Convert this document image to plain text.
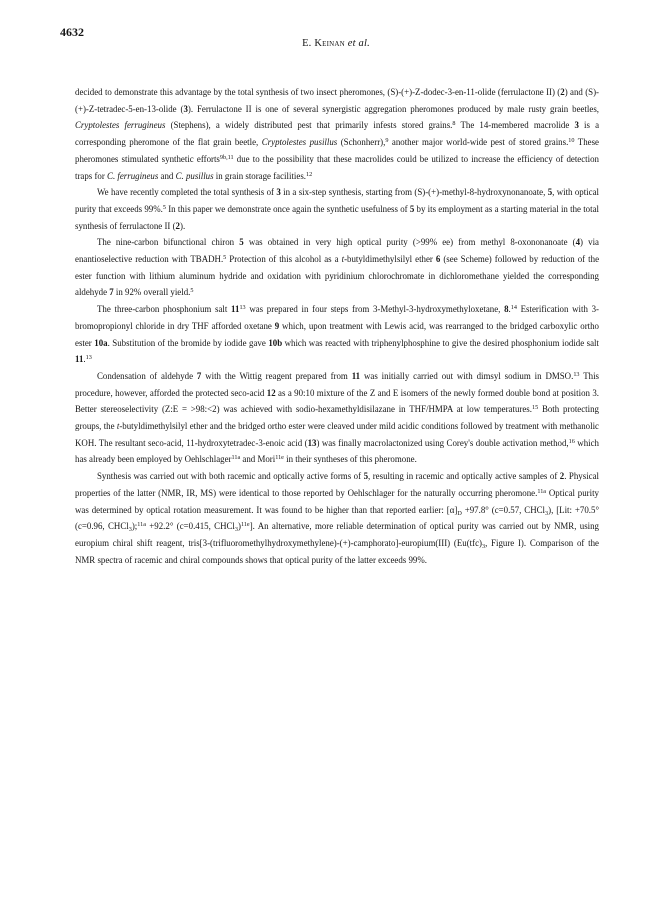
4632
E. Keinan et al.

decided to demonstrate this advantage by the total synthesis of two insect pheromones, (S)-(+)-Z-dodec-3-en-11-olide (ferrulactone II) (2) and (S)-(+)-Z-tetradec-5-en-13-olide (3). Ferrulactone II is one of several synergistic aggregation pheromones produced by male rusty grain beetles, Cryptolestes ferrugineus (Stephens), a widely distributed pest that primarily infests stored grains.$^8$ The 14-membered macrolide 3 is a corresponding pheromone of the flat grain beetle, Cryptolestes pusillus (Schonherr),$^9$ another major world-wide pest of stored grains.$^{10}$ These pheromones stimulated synthetic efforts$^{9b,11}$ due to the possibility that these macrolides could be utilized to increase the efficiency of detection traps for C. ferrugineus and C. pusillus in grain storage facilities.$^{12}$

We have recently completed the total synthesis of 3 in a six-step synthesis, starting from (S)-(+)-methyl-8-hydroxynonanoate, 5, with optical purity that exceeds 99%.$^5$ In this paper we demonstrate once again the synthetic usefulness of 5 by its employment as a starting material in the total synthesis of ferrulactone II (2).

The nine-carbon bifunctional chiron 5 was obtained in very high optical purity (>99% ee) from methyl 8-oxononanoate (4) via enantioselective reduction with TBADH.$^5$ Protection of this alcohol as a t-butyldimethylsilyl ether 6 (see Scheme) followed by reduction of the ester function with lithium aluminum hydride and oxidation with pyridinium chlorochromate in dichloromethane yielded the corresponding aldehyde 7 in 92% overall yield.$^5$

The three-carbon phosphonium salt $11^{13}$ was prepared in four steps from 3-Methyl-3-hydroxymethyloxetane, 8.14 Esterification with 3-bromopropionyl chloride in dry THF afforded oxetane 9 which, upon treatment with Lewis acid, was rearranged to the bridged carboxylic ortho ester 10a. Substitution of the bromide by iodide gave 10b which was reacted with triphenylphosphine to give the desired phosphonium iodide salt 11.13

Condensation of aldehyde 7 with the Wittig reagent prepared from 11 was initially carried out with dimsyl sodium in DMSO.$^{13}$ This procedure, however, afforded the protected seco-acid 12 as a 90:10 mixture of the Z and E isomers of the newly formed double bond at position 3. Better stereoselectivity (Z:E = >98:<2) was achieved with sodio-hexamethyldisilazane in THF/HMPA at low temperatures.$^{15}$ Both protecting groups, the t-butyldimethylsilyl ether and the bridged ortho ester were cleaved under mild acidic conditions followed by treatment with methanolic KOH. The resultant seco-acid, 11-hydroxytetradec-3-enoic acid (13) was finally macrolactonized using Corey's double activation method,$^{16}$ which has already been employed by Oehlschlager$^{11a}$ and Mori$^{11e}$ in their syntheses of this pheromone.

Synthesis was carried out with both racemic and optically active forms of 5, resulting in racemic and optically active samples of 2. Physical properties of the latter (NMR, IR, MS) were identical to those reported by Oehlschlager for the naturally occurring pheromone.$^{11a}$ Optical purity was determined by optical rotation measurement. It was found to be higher than that reported earlier: $[\alpha]_D +97.8^\circ$ (c=0.57, CHCl$_3$), [Lit: +70.5° (c=0.96, CHCl$_3$);$^{11a}$ +92.2° (c=0.415, CHCl$_3$)$^{11e}$]. An alternative, more reliable determination of optical purity was carried out by NMR, using europium chiral shift reagent, tris[3-(trifluoromethylhydroxymethylene)-(+)-camphorato]-europium(III) ($Eu(tfc)_3$, Figure I). Comparison of the NMR spectra of racemic and chiral compounds shows that optical purity of the latter exceeds 99%.
